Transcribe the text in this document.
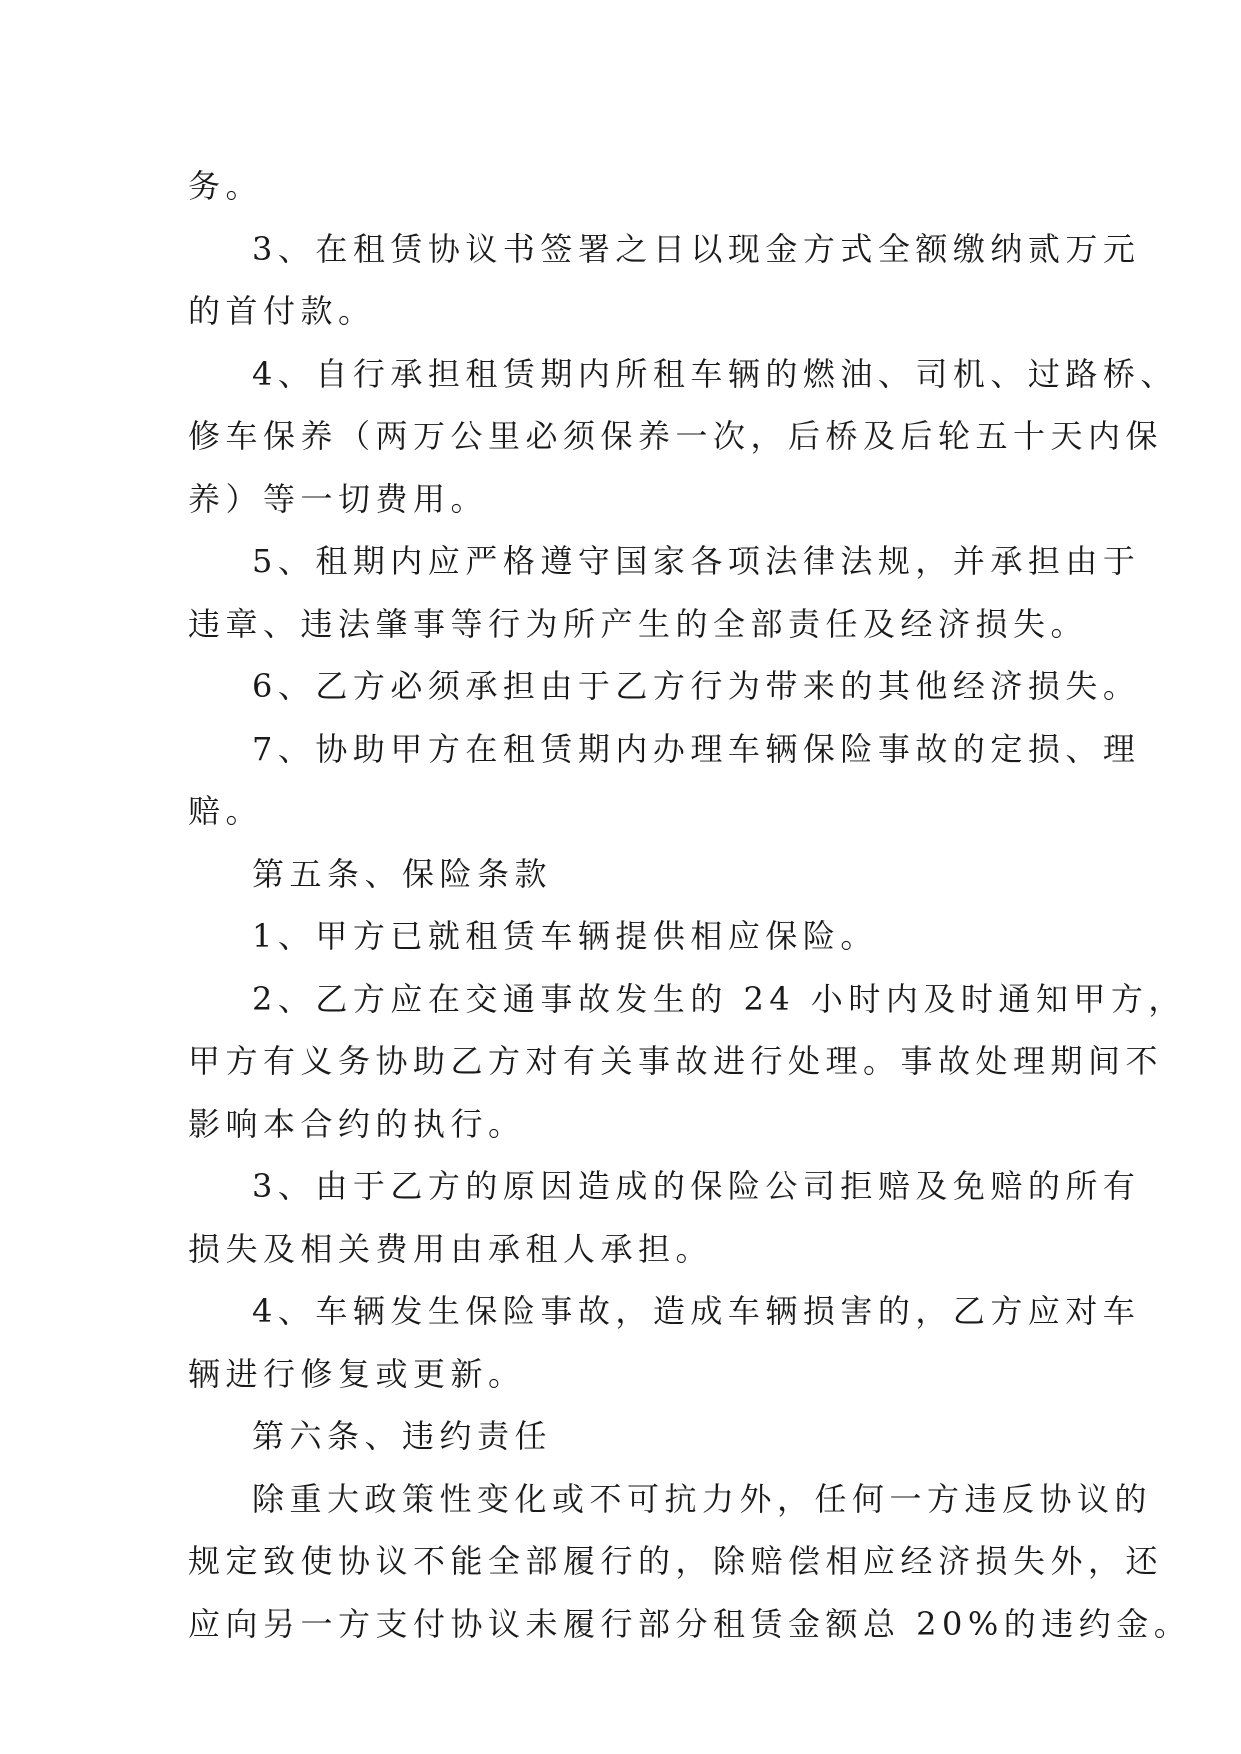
务。
3、在租赁协议书签署之日以现金方式全额缴纳贰万元
的首付款。
4、自行承担租赁期内所租车辆的燃油、司机、过路桥、
修车保养（两万公里必须保养一次，后桥及后轮五十天内保
养）等一切费用。
5、租期内应严格遵守国家各项法律法规，并承担由于
违章、违法肇事等行为所产生的全部责任及经济损失。
6、乙方必须承担由于乙方行为带来的其他经济损失。
7、协助甲方在租赁期内办理车辆保险事故的定损、理
赔。
第五条、保险条款
1、甲方已就租赁车辆提供相应保险。
2、乙方应在交通事故发生的 24 小时内及时通知甲方，
甲方有义务协助乙方对有关事故进行处理。事故处理期间不
影响本合约的执行。
3、由于乙方的原因造成的保险公司拒赔及免赔的所有
损失及相关费用由承租人承担。
4、车辆发生保险事故，造成车辆损害的，乙方应对车
辆进行修复或更新。
第六条、违约责任
除重大政策性变化或不可抗力外，任何一方违反协议的
规定致使协议不能全部履行的，除赔偿相应经济损失外，还
应向另一方支付协议未履行部分租赁金额总 20%的违约金。
